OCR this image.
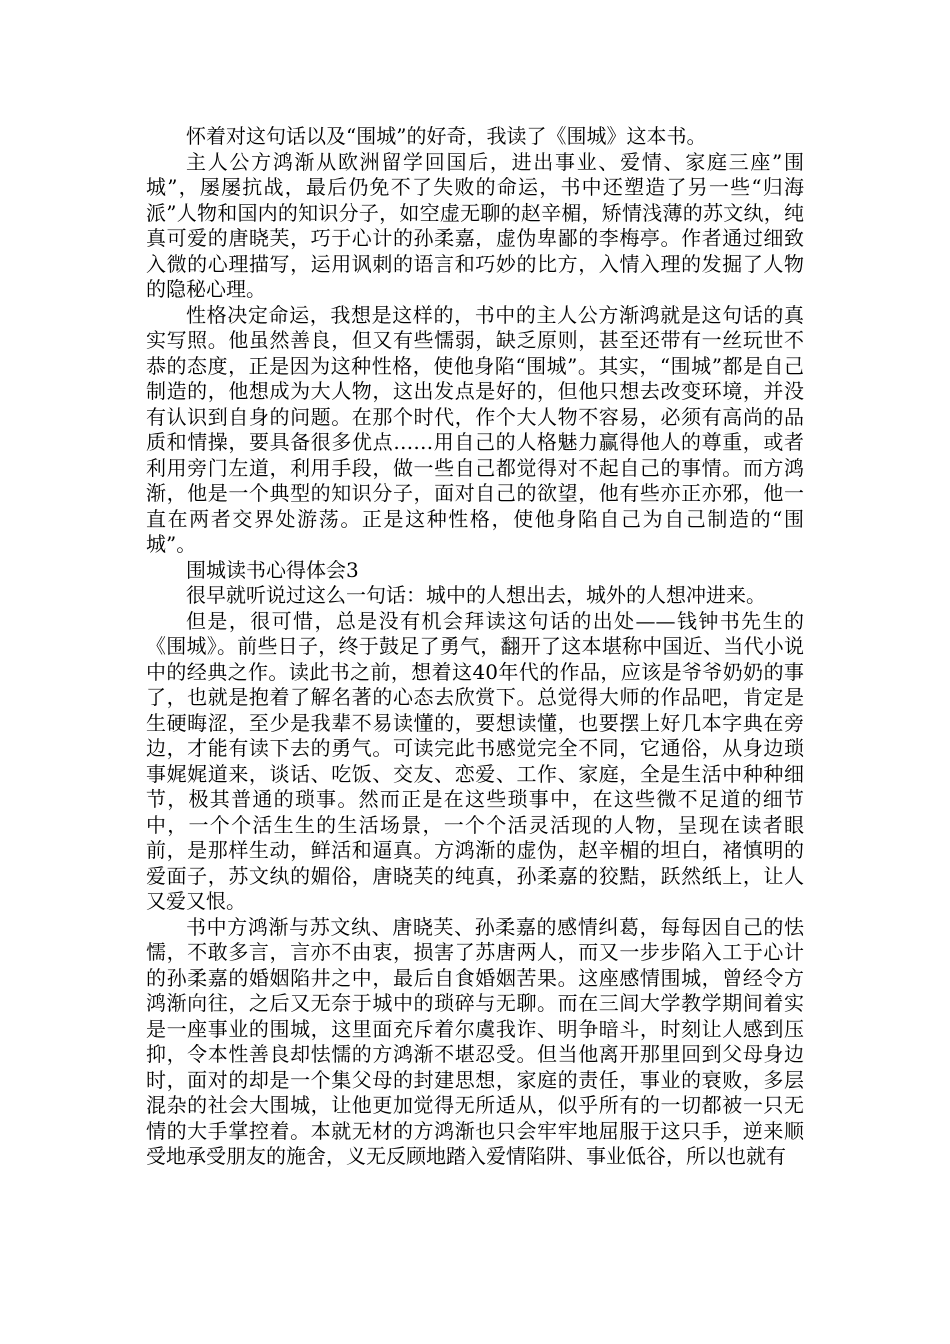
怀着对这句话以及“围城”的好奇，我读了《围城》这本书。

主人公方鸿渐从欧洲留学回国后，进出事业、爱情、家庭三座”围城”，屡屡抗战，最后仍免不了失败的命运，书中还塑造了另一些“归海派”人物和国内的知识分子，如空虚无聊的赵辛楣，矫情浅薄的苏文纨，纯真可爱的唐晓芙，巧于心计的孙柔嘉，虚伪卑鄙的李梅亭。作者通过细致入微的心理描写，运用讽刺的语言和巧妙的比方，入情入理的发掘了人物的隐秘心理。

性格决定命运，我想是这样的，书中的主人公方渐鸿就是这句话的真实写照。他虽然善良，但又有些懦弱，缺乏原则，甚至还带有一丝玩世不恭的态度，正是因为这种性格，使他身陷“围城”。其实，“围城”都是自己制造的，他想成为大人物，这出发点是好的，但他只想去改变环境，并没有认识到自身的问题。在那个时代，作个大人物不容易，必须有高尚的品质和情操，要具备很多优点……用自己的人格魅力赢得他人的尊重，或者利用旁门左道，利用手段，做一些自己都觉得对不起自己的事情。而方鸿渐，他是一个典型的知识分子，面对自己的欲望，他有些亦正亦邪，他一直在两者交界处游荡。正是这种性格，使他身陷自己为自己制造的“围城”。

围城读书心得体会3

很早就听说过这么一句话：城中的人想出去，城外的人想冲进来。

但是，很可惜，总是没有机会拜读这句话的出处——钱钟书先生的《围城》。前些日子，终于鼓足了勇气，翻开了这本堪称中国近、当代小说中的经典之作。读此书之前，想着这40年代的作品，应该是爷爷奶奶的事了，也就是抱着了解名著的心态去欣赏下。总觉得大师的作品吧，肯定是生硬晦涩，至少是我辈不易读懂的，要想读懂，也要摆上好几本字典在旁边，才能有读下去的勇气。可读完此书感觉完全不同，它通俗，从身边琐事娓娓道来，谈话、吃饭、交友、恋爱、工作、家庭，全是生活中种种细节，极其普通的琐事。然而正是在这些琐事中，在这些微不足道的细节中，一个个活生生的生活场景，一个个活灵活现的人物，呈现在读者眼前，是那样生动，鲜活和逼真。方鸿渐的虚伪，赵辛楣的坦白，褚慎明的爱面子，苏文纨的媚俗，唐晓芙的纯真，孙柔嘉的狡黠，跃然纸上，让人又爱又恨。

书中方鸿渐与苏文纨、唐晓芙、孙柔嘉的感情纠葛，每每因自己的怯懦，不敢多言，言亦不由衷，损害了苏唐两人，而又一步步陷入工于心计的孙柔嘉的婚姻陷井之中，最后自食婚姻苦果。这座感情围城，曾经令方鸿渐向往，之后又无奈于城中的琐碎与无聊。而在三闾大学教学期间着实是一座事业的围城，这里面充斥着尔虞我诈、明争暗斗，时刻让人感到压抑，令本性善良却怯懦的方鸿渐不堪忍受。但当他离开那里回到父母身边时，面对的却是一个集父母的封建思想，家庭的责任，事业的衰败，多层混杂的社会大围城，让他更加觉得无所适从，似乎所有的一切都被一只无情的大手掌控着。本就无材的方鸿渐也只会牢牢地屈服于这只手，逆来顺受地承受朋友的施舍，义无反顾地踏入爱情陷阱、事业低谷，所以也就有
